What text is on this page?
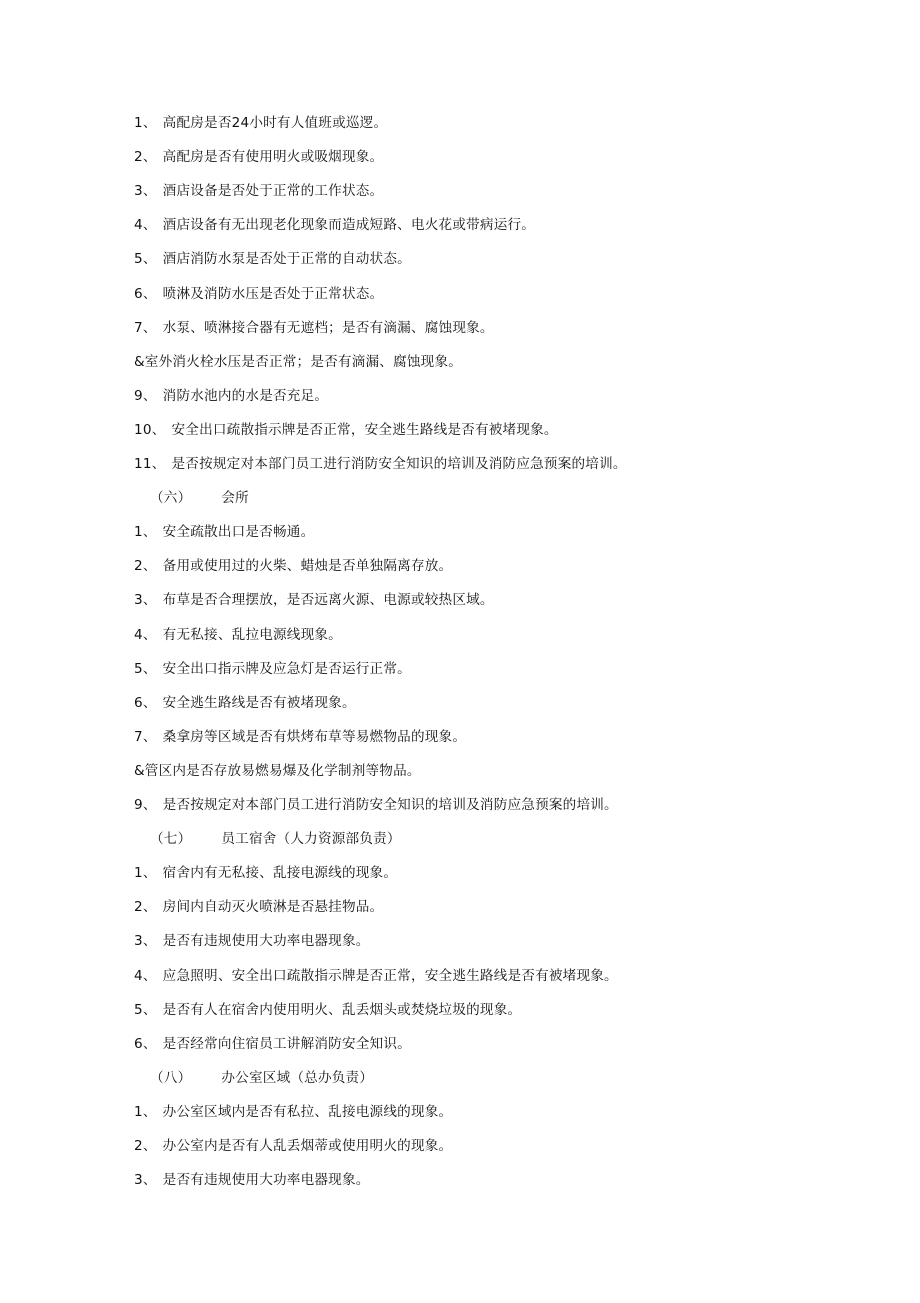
1、 高配房是否24小时有人值班或巡逻。
2、 高配房是否有使用明火或吸烟现象。
3、 酒店设备是否处于正常的工作状态。
4、 酒店设备有无出现老化现象而造成短路、电火花或带病运行。
5、 酒店消防水泵是否处于正常的自动状态。
6、 喷淋及消防水压是否处于正常状态。
7、 水泵、喷淋接合器有无遮档；是否有滴漏、腐蚀现象。
&室外消火栓水压是否正常；是否有滴漏、腐蚀现象。
9、 消防水池内的水是否充足。
10、 安全出口疏散指示牌是否正常，安全逃生路线是否有被堵现象。
11、 是否按规定对本部门员工进行消防安全知识的培训及消防应急预案的培训。
（六） 会所
1、 安全疏散出口是否畅通。
2、 备用或使用过的火柴、蜡烛是否单独隔离存放。
3、 布草是否合理摆放，是否远离火源、电源或较热区域。
4、 有无私接、乱拉电源线现象。
5、 安全出口指示牌及应急灯是否运行正常。
6、 安全逃生路线是否有被堵现象。
7、 桑拿房等区域是否有烘烤布草等易燃物品的现象。
&管区内是否存放易燃易爆及化学制剂等物品。
9、 是否按规定对本部门员工进行消防安全知识的培训及消防应急预案的培训。
（七） 员工宿舍（人力资源部负责）
1、 宿舍内有无私接、乱接电源线的现象。
2、 房间内自动灭火喷淋是否悬挂物品。
3、 是否有违规使用大功率电器现象。
4、 应急照明、安全出口疏散指示牌是否正常，安全逃生路线是否有被堵现象。
5、 是否有人在宿舍内使用明火、乱丢烟头或焚烧垃圾的现象。
6、 是否经常向住宿员工讲解消防安全知识。
（八） 办公室区域（总办负责）
1、 办公室区域内是否有私拉、乱接电源线的现象。
2、 办公室内是否有人乱丢烟蒂或使用明火的现象。
3、 是否有违规使用大功率电器现象。
